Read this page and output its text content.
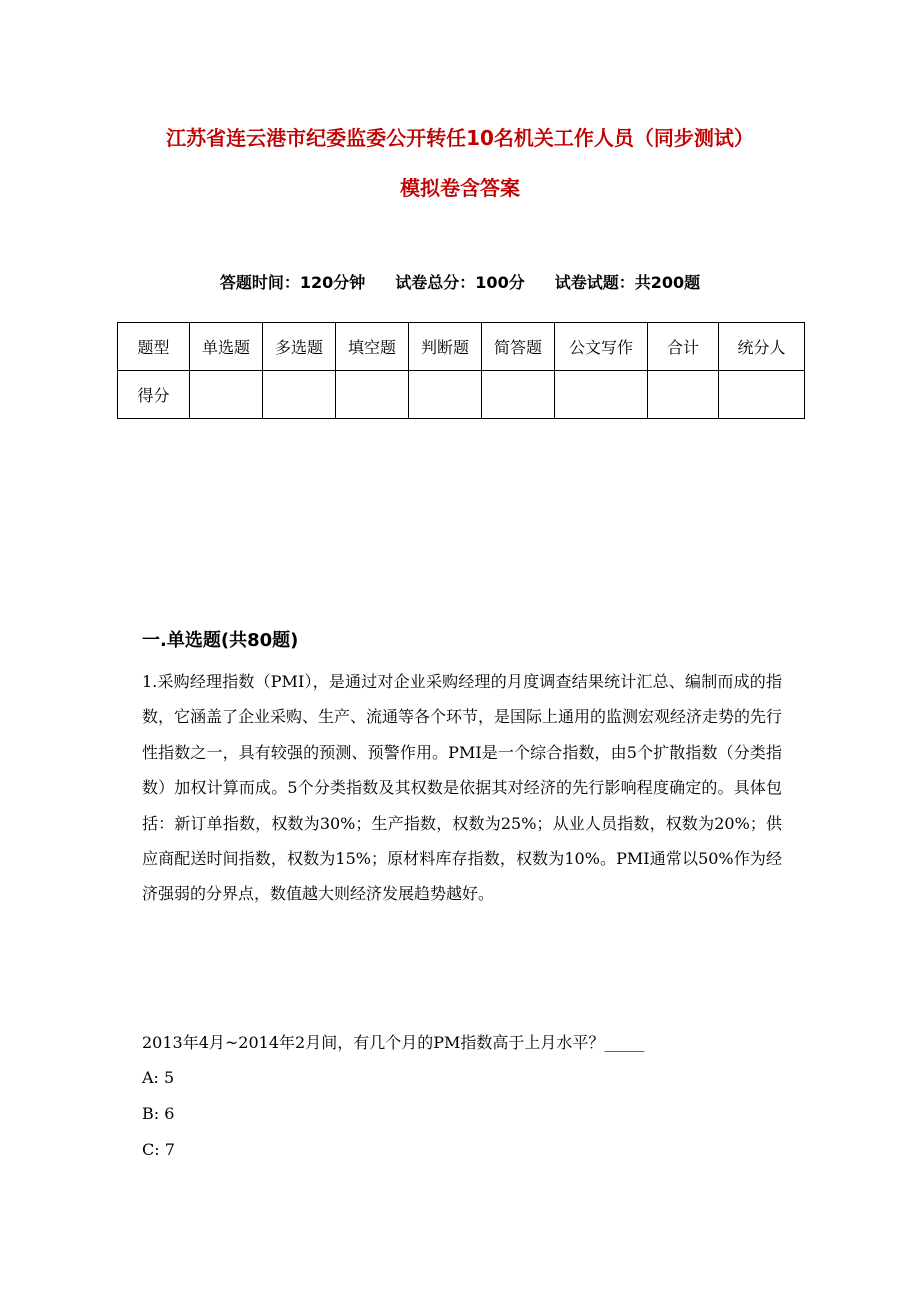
江苏省连云港市纪委监委公开转任10名机关工作人员（同步测试）
模拟卷含答案
答题时间：120分钟 试卷总分：100分 试卷试题：共200题
题型	单选题	多选题	填空题	判断题	简答题	公文写作	合计	统分人
得分								
一.单选题(共80题)
1.采购经理指数（PMI），是通过对企业采购经理的月度调查结果统计汇总、编制而成的指数，它涵盖了企业采购、生产、流通等各个环节，是国际上通用的监测宏观经济走势的先行性指数之一，具有较强的预测、预警作用。PMI是一个综合指数，由5个扩散指数（分类指数）加权计算而成。5个分类指数及其权数是依据其对经济的先行影响程度确定的。具体包括：新订单指数，权数为30%；生产指数，权数为25%；从业人员指数，权数为20%；供应商配送时间指数，权数为15%；原材料库存指数，权数为10%。PMI通常以50%作为经济强弱的分界点，数值越大则经济发展趋势越好。
2013年4月~2014年2月间，有几个月的PM指数高于上月水平？_____
A: 5
B: 6
C: 7
